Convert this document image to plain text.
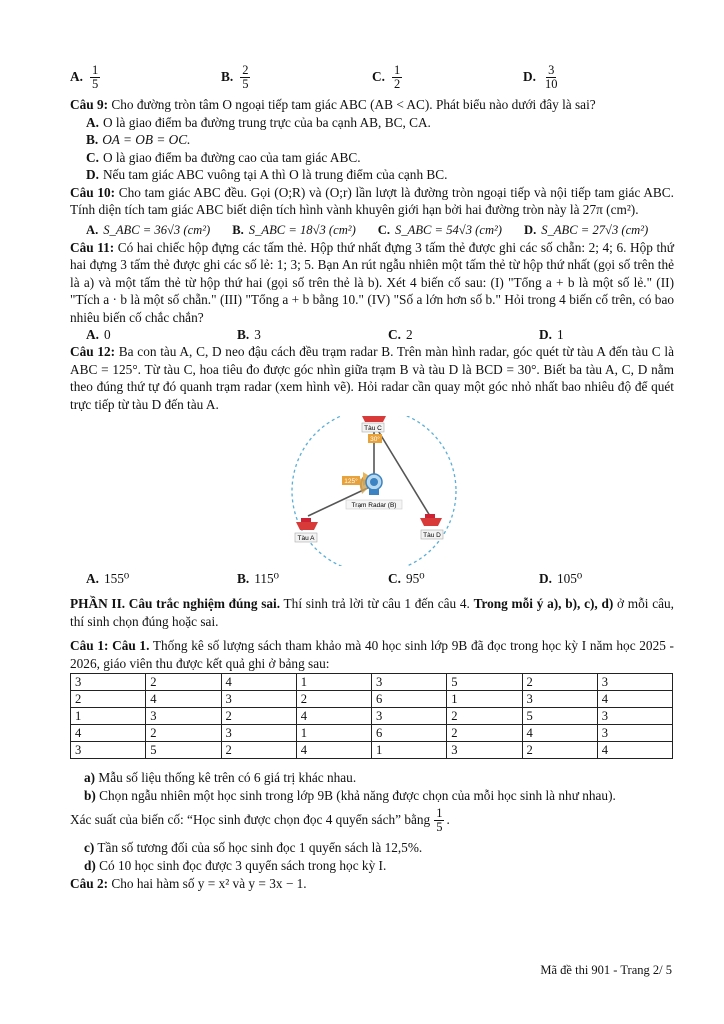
A. $\frac{1}{5}$	B. $\frac{2}{5}$	C. $\frac{1}{2}$	D. $\frac{3}{10}$
Câu 9: Cho đường tròn tâm O ngoại tiếp tam giác ABC (AB < AC). Phát biểu nào dưới đây là sai?
A. O là giao điểm ba đường trung trực của ba cạnh AB, BC, CA.
B. OA = OB = OC.
C. O là giao điểm ba đường cao của tam giác ABC.
D. Nếu tam giác ABC vuông tại A thì O là trung điểm của cạnh BC.
Câu 10: Cho tam giác ABC đều. Gọi (O;R) và (O;r) lần lượt là đường tròn ngoại tiếp và nội tiếp tam giác ABC. Tính diện tích tam giác ABC biết diện tích hình vành khuyên giới hạn bởi hai đường tròn này là 27π (cm²).
A. S_ABC = 36√3 (cm²) B. S_ABC = 18√3 (cm²) C. S_ABC = 54√3 (cm²) D. S_ABC = 27√3 (cm²)
Câu 11: Có hai chiếc hộp đựng các tấm thẻ. Hộp thứ nhất đựng 3 tấm thẻ được ghi các số chẵn: 2; 4; 6. Hộp thứ hai đựng 3 tấm thẻ được ghi các số lẻ: 1; 3; 5. Bạn An rút ngẫu nhiên một tấm thẻ từ hộp thứ nhất (gọi số trên thẻ là a) và một tấm thẻ từ hộp thứ hai (gọi số trên thẻ là b). Xét 4 biến cố sau: (I) "Tổng a + b là một số lẻ." (II) "Tích a · b là một số chẵn." (III) "Tổng a + b bằng 10." (IV) "Số a lớn hơn số b." Hỏi trong 4 biến cố trên, có bao nhiêu biến cố chắc chắn?
A. 0	B. 3	C. 2	D. 1
Câu 12: Ba con tàu A, C, D neo đậu cách đều trạm radar B. Trên màn hình radar, góc quét từ tàu A đến tàu C là ABC = 125°. Từ tàu C, hoa tiêu đo được góc nhìn giữa trạm B và tàu D là BCD = 30°. Biết ba tàu A, C, D nằm theo đúng thứ tự đó quanh trạm radar (xem hình vẽ). Hỏi radar cần quay một góc nhỏ nhất bao nhiêu độ để quét trực tiếp từ tàu D đến tàu A.
Tàu C
30°
125°
Trạm Radar (B)
Tàu A	Tàu D
A. 155⁰	B. 115⁰	C. 95⁰	D. 105⁰
PHẦN II. Câu trắc nghiệm đúng sai. Thí sinh trả lời từ câu 1 đến câu 4. Trong mỗi ý a), b), c), d) ở mỗi câu, thí sinh chọn đúng hoặc sai.
Câu 1: Câu 1. Thống kê số lượng sách tham khảo mà 40 học sinh lớp 9B đã đọc trong học kỳ I năm học 2025 - 2026, giáo viên thu được kết quả ghi ở bảng sau:
3	2	4	1	3	5	2	3
2	4	3	2	6	1	3	4
1	3	2	4	3	2	5	3
4	2	3	1	6	2	4	3
3	5	2	4	1	3	2	4
a) Mẫu số liệu thống kê trên có 6 giá trị khác nhau.
b) Chọn ngẫu nhiên một học sinh trong lớp 9B (khả năng được chọn của mỗi học sinh là như nhau).
Xác suất của biến cố: “Học sinh được chọn đọc 4 quyển sách” bằng $\frac{1}{5}$ .
c) Tần số tương đối của số học sinh đọc 1 quyển sách là 12,5%.
d) Có 10 học sinh đọc được 3 quyển sách trong học kỳ I.
Câu 2: Cho hai hàm số y = x² và y = 3x − 1.
Mã đề thi 901 - Trang 2/ 5
